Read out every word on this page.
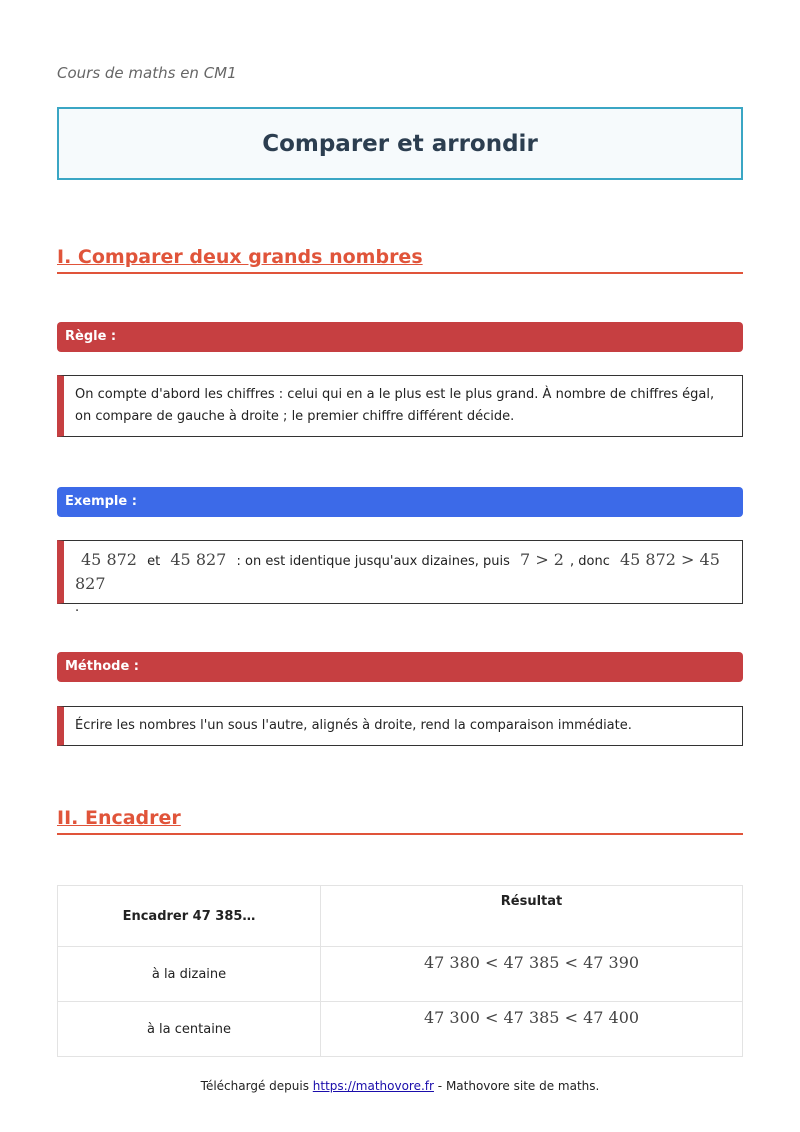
Cours de maths en CM1
Comparer et arrondir
I. Comparer deux grands nombres
Règle :
On compte d'abord les chiffres : celui qui en a le plus est le plus grand. À nombre de chiffres égal, on compare de gauche à droite ; le premier chiffre différent décide.
Exemple :
45 872 et 45 827 : on est identique jusqu'aux dizaines, puis 7 > 2 , donc 45 872 > 45 827
.
Méthode :
Écrire les nombres l'un sous l'autre, alignés à droite, rend la comparaison immédiate.
II. Encadrer
Encadrer 47 385…	Résultat
à la dizaine	47 380 < 47 385 < 47 390
à la centaine	47 300 < 47 385 < 47 400
Téléchargé depuis https://mathovore.fr - Mathovore site de maths.
